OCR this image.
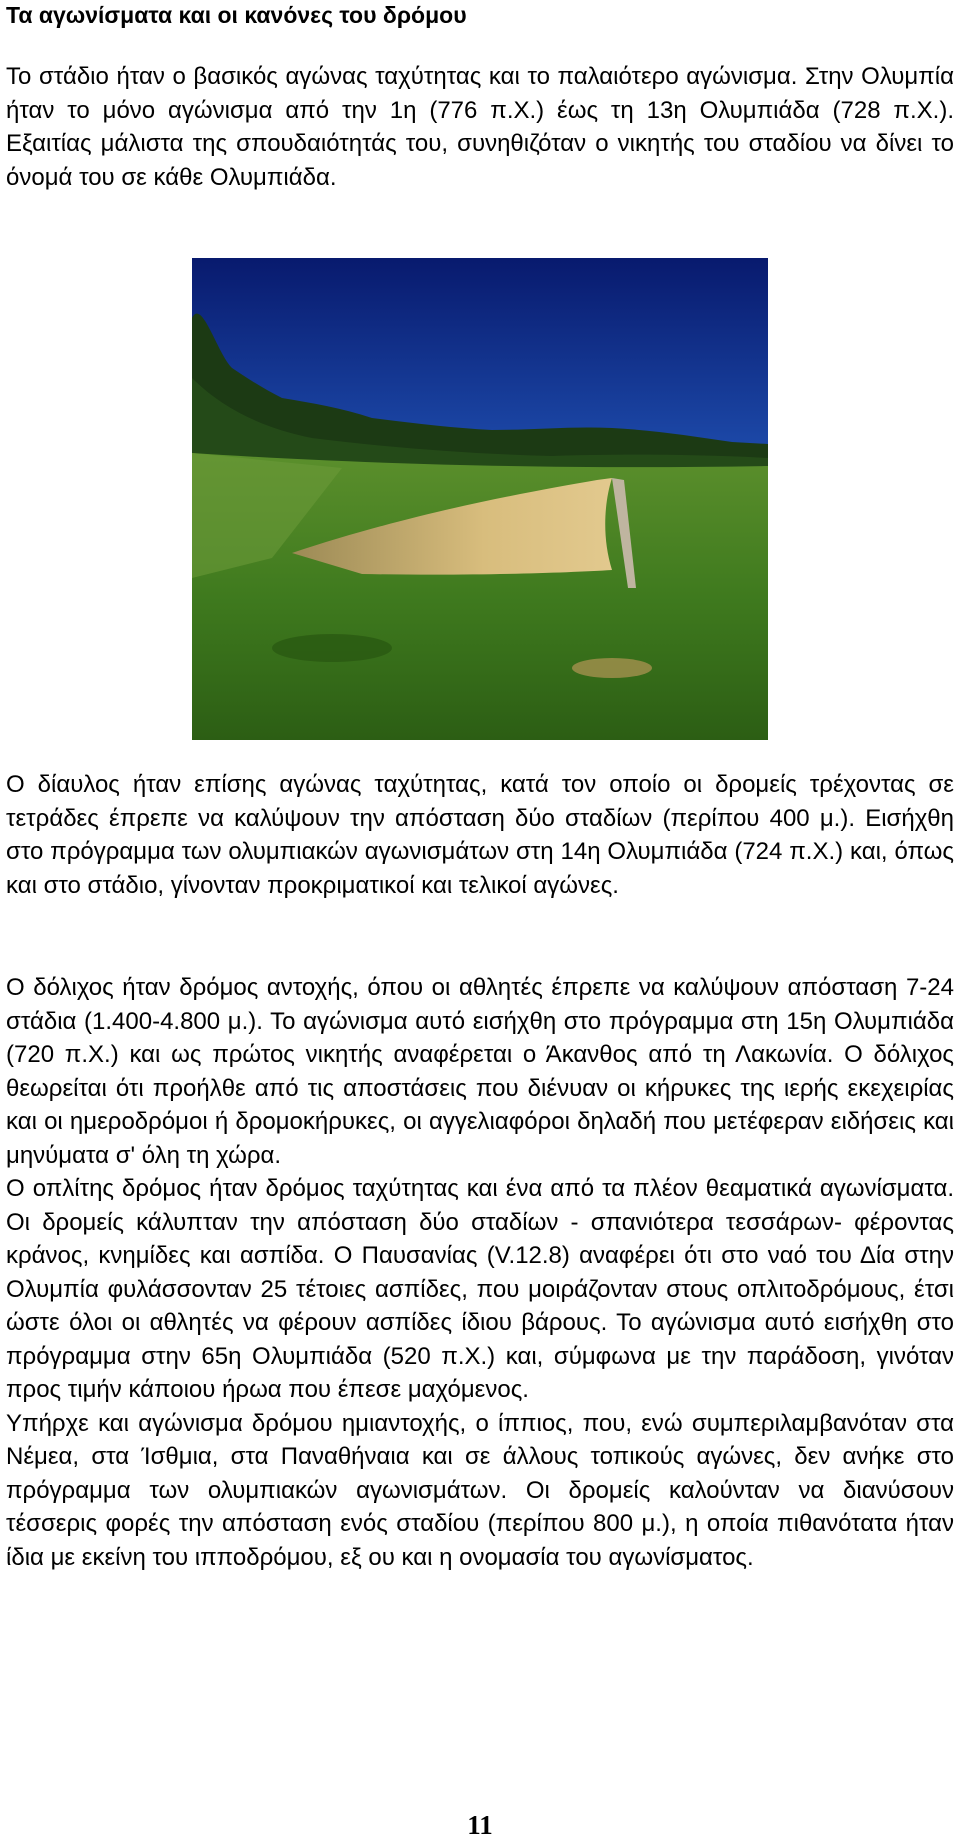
Τα αγωνίσματα και οι κανόνες του δρόμου

Το στάδιο ήταν ο βασικός αγώνας ταχύτητας και το παλαιότερο αγώνισμα. Στην Ολυμπία ήταν το μόνο αγώνισμα από την 1η (776 π.Χ.) έως τη 13η Ολυμπιάδα (728 π.Χ.). Εξαιτίας μάλιστα της σπουδαιότητάς του, συνηθιζόταν ο νικητής του σταδίου να δίνει το όνομά του σε κάθε Ολυμπιάδα.

Ο δίαυλος ήταν επίσης αγώνας ταχύτητας, κατά τον οποίο οι δρομείς τρέχοντας σε τετράδες έπρεπε να καλύψουν την απόσταση δύο σταδίων (περίπου 400 μ.). Εισήχθη στο πρόγραμμα των ολυμπιακών αγωνισμάτων στη 14η Ολυμπιάδα (724 π.Χ.) και, όπως και στο στάδιο, γίνονταν προκριματικοί και τελικοί αγώνες.

Ο δόλιχος ήταν δρόμος αντοχής, όπου οι αθλητές έπρεπε να καλύψουν απόσταση 7-24 στάδια (1.400-4.800 μ.). Το αγώνισμα αυτό εισήχθη στο πρόγραμμα στη 15η Ολυμπιάδα (720 π.Χ.) και ως πρώτος νικητής αναφέρεται ο Άκανθος από τη Λακωνία. Ο δόλιχος θεωρείται ότι προήλθε από τις αποστάσεις που διένυαν οι κήρυκες της ιερής εκεχειρίας και οι ημεροδρόμοι ή δρομοκήρυκες, οι αγγελιαφόροι δηλαδή που μετέφεραν ειδήσεις και μηνύματα σ' όλη τη χώρα.
Ο οπλίτης δρόμος ήταν δρόμος ταχύτητας και ένα από τα πλέον θεαματικά αγωνίσματα. Οι δρομείς κάλυπταν την απόσταση δύο σταδίων - σπανιότερα τεσσάρων- φέροντας κράνος, κνημίδες και ασπίδα. Ο Παυσανίας (V.12.8) αναφέρει ότι στο ναό του Δία στην Ολυμπία φυλάσσονταν 25 τέτοιες ασπίδες, που μοιράζονταν στους οπλιτοδρόμους, έτσι ώστε όλοι οι αθλητές να φέρουν ασπίδες ίδιου βάρους. Το αγώνισμα αυτό εισήχθη στο πρόγραμμα στην 65η Ολυμπιάδα (520 π.Χ.) και, σύμφωνα με την παράδοση, γινόταν προς τιμήν κάποιου ήρωα που έπεσε μαχόμενος.
Υπήρχε και αγώνισμα δρόμου ημιαντοχής, ο ίππιος, που, ενώ συμπεριλαμβανόταν στα Νέμεα, στα Ίσθμια, στα Παναθήναια και σε άλλους τοπικούς αγώνες, δεν ανήκε στο πρόγραμμα των ολυμπιακών αγωνισμάτων. Οι δρομείς καλούνταν να διανύσουν τέσσερις φορές την απόσταση ενός σταδίου (περίπου 800 μ.), η οποία πιθανότατα ήταν ίδια με εκείνη του ιπποδρόμου, εξ ου και η ονομασία του αγωνίσματος.

11
